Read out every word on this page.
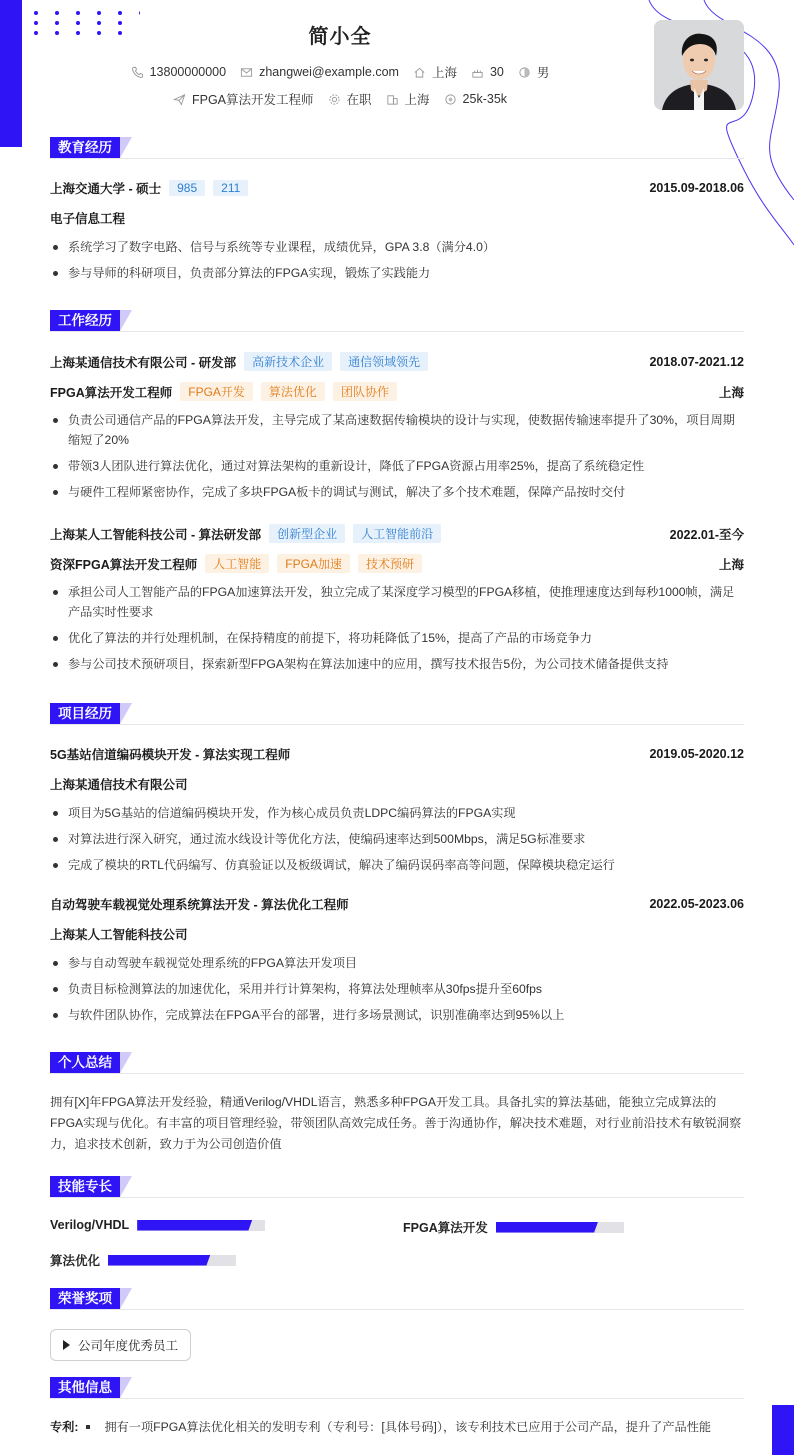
简小全
13800000000	zhangwei@example.com	上海	30	男
FPGA算法开发工程师	在职	上海	25k-35k
教育经历
上海交通大学 - 硕士	985	211	2015.09-2018.06
电子信息工程
系统学习了数字电路、信号与系统等专业课程，成绩优异，GPA 3.8（满分4.0）
参与导师的科研项目，负责部分算法的FPGA实现，锻炼了实践能力
工作经历
上海某通信技术有限公司 - 研发部	高新技术企业	通信领域领先	2018.07-2021.12
FPGA算法开发工程师	FPGA开发	算法优化	团队协作	上海
负责公司通信产品的FPGA算法开发，主导完成了某高速数据传输模块的设计与实现，使数据传输速率提升了30%，项目周期缩短了20%
带领3人团队进行算法优化，通过对算法架构的重新设计，降低了FPGA资源占用率25%，提高了系统稳定性
与硬件工程师紧密协作，完成了多块FPGA板卡的调试与测试，解决了多个技术难题，保障产品按时交付
上海某人工智能科技公司 - 算法研发部	创新型企业	人工智能前沿	2022.01-至今
资深FPGA算法开发工程师	人工智能	FPGA加速	技术预研	上海
承担公司人工智能产品的FPGA加速算法开发，独立完成了某深度学习模型的FPGA移植，使推理速度达到每秒1000帧，满足产品实时性要求
优化了算法的并行处理机制，在保持精度的前提下，将功耗降低了15%，提高了产品的市场竞争力
参与公司技术预研项目，探索新型FPGA架构在算法加速中的应用，撰写技术报告5份，为公司技术储备提供支持
项目经历
5G基站信道编码模块开发 - 算法实现工程师	2019.05-2020.12
上海某通信技术有限公司
项目为5G基站的信道编码模块开发，作为核心成员负责LDPC编码算法的FPGA实现
对算法进行深入研究，通过流水线设计等优化方法，使编码速率达到500Mbps，满足5G标准要求
完成了模块的RTL代码编写、仿真验证以及板级调试，解决了编码误码率高等问题，保障模块稳定运行
自动驾驶车载视觉处理系统算法开发 - 算法优化工程师	2022.05-2023.06
上海某人工智能科技公司
参与自动驾驶车载视觉处理系统的FPGA算法开发项目
负责目标检测算法的加速优化，采用并行计算架构，将算法处理帧率从30fps提升至60fps
与软件团队协作，完成算法在FPGA平台的部署，进行多场景测试，识别准确率达到95%以上
个人总结
拥有[X]年FPGA算法开发经验，精通Verilog/VHDL语言，熟悉多种FPGA开发工具。具备扎实的算法基础，能独立完成算法的FPGA实现与优化。有丰富的项目管理经验，带领团队高效完成任务。善于沟通协作，解决技术难题，对行业前沿技术有敏锐洞察力，追求技术创新，致力于为公司创造价值
技能专长
Verilog/VHDL	FPGA算法开发
算法优化
荣誉奖项
公司年度优秀员工
其他信息
专利: 拥有一项FPGA算法优化相关的发明专利（专利号：[具体号码]），该专利技术已应用于公司产品，提升了产品性能
